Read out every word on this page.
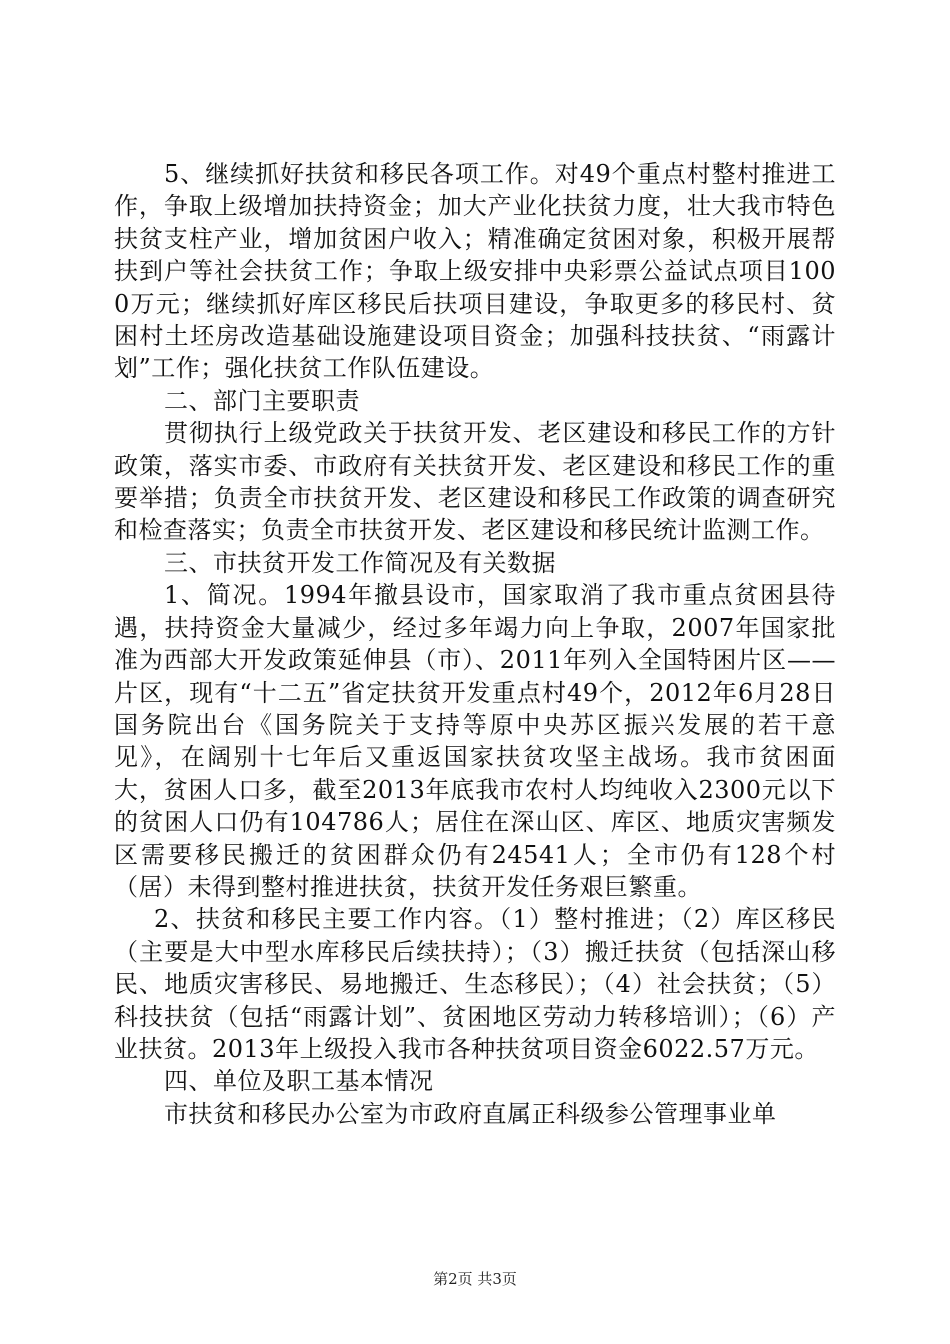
5、继续抓好扶贫和移民各项工作。对49个重点村整村推进工作，争取上级增加扶持资金；加大产业化扶贫力度，壮大我市特色扶贫支柱产业，增加贫困户收入；精准确定贫困对象，积极开展帮扶到户等社会扶贫工作；争取上级安排中央彩票公益试点项目1000万元；继续抓好库区移民后扶项目建设，争取更多的移民村、贫困村土坯房改造基础设施建设项目资金；加强科技扶贫、“雨露计划”工作；强化扶贫工作队伍建设。

二、部门主要职责

贯彻执行上级党政关于扶贫开发、老区建设和移民工作的方针政策，落实市委、市政府有关扶贫开发、老区建设和移民工作的重要举措；负责全市扶贫开发、老区建设和移民工作政策的调查研究和检查落实；负责全市扶贫开发、老区建设和移民统计监测工作。

三、市扶贫开发工作简况及有关数据

1、简况。1994年撤县设市，国家取消了我市重点贫困县待遇，扶持资金大量减少，经过多年竭力向上争取，2007年国家批准为西部大开发政策延伸县（市）、2011年列入全国特困片区——片区，现有“十二五”省定扶贫开发重点村49个，2012年6月28日国务院出台《国务院关于支持等原中央苏区振兴发展的若干意见》，在阔别十七年后又重返国家扶贫攻坚主战场。我市贫困面大，贫困人口多，截至2013年底我市农村人均纯收入2300元以下的贫困人口仍有104786人；居住在深山区、库区、地质灾害频发区需要移民搬迁的贫困群众仍有24541人；全市仍有128个村（居）未得到整村推进扶贫，扶贫开发任务艰巨繁重。

2、扶贫和移民主要工作内容。（1）整村推进；（2）库区移民（主要是大中型水库移民后续扶持）；（3）搬迁扶贫（包括深山移民、地质灾害移民、易地搬迁、生态移民）；（4）社会扶贫；（5）科技扶贫（包括“雨露计划”、贫困地区劳动力转移培训）；（6）产业扶贫。2013年上级投入我市各种扶贫项目资金6022.57万元。

四、单位及职工基本情况

市扶贫和移民办公室为市政府直属正科级参公管理事业单

第2页 共3页
